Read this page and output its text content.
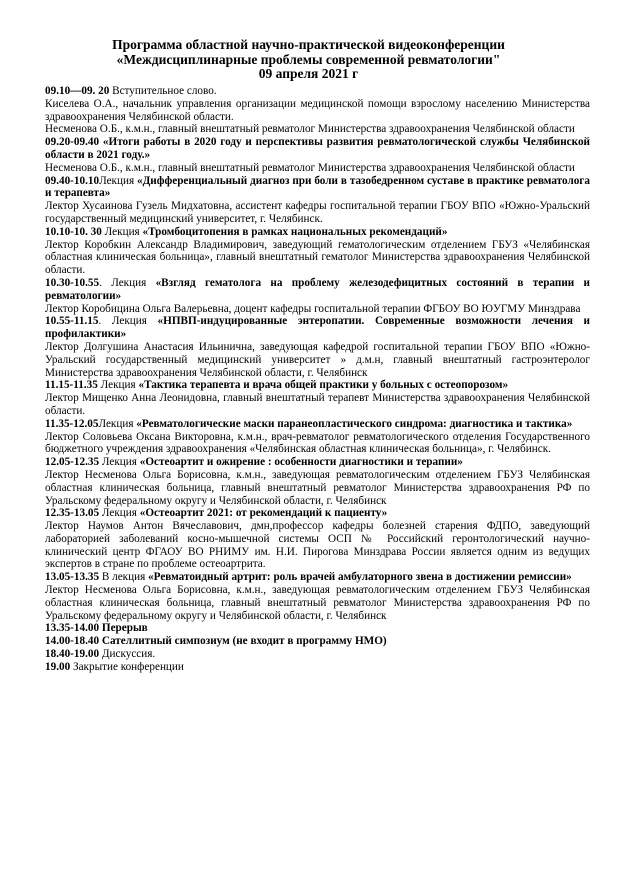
Программа областной научно-практической видеоконференции
«Междисциплинарные проблемы современной ревматологии"
09 апреля 2021 г

09.10—09. 20 Вступительное слово.

Киселева О.А., начальник управления организации медицинской помощи взрослому населению Министерства здравоохранения Челябинской области.

Несменова О.Б., к.м.н., главный внештатный ревматолог Министерства здравоохранения Челябинской области

09.20-09.40 «Итоги работы в 2020 году и перспективы развития ревматологической службы Челябинской области в 2021 году.»

Несменова О.Б., к.м.н., главный внештатный ревматолог Министерства здравоохранения Челябинской области

09.40-10.10Лекция «Дифференциальный диагноз при боли в тазобедренном суставе в практике ревматолога и терапевта»

Лектор Хусаинова Гузель Мидхатовна, ассистент кафедры госпитальной терапии ГБОУ ВПО «Южно-Уральский государственный медицинский университет, г. Челябинск.

10.10-10. 30 Лекция «Тромбоцитопения в рамках национальных рекомендаций»

Лектор Коробкин Александр Владимирович, заведующий гематологическим отделением ГБУЗ «Челябинская областная клиническая больница», главный внештатный гематолог Министерства здравоохранения Челябинской области.

10.30-10.55. Лекция «Взгляд гематолога на проблему железодефицитных состояний в терапии и ревматологии»

Лектор Коробицина Ольга Валерьевна, доцент кафедры госпитальной терапии ФГБОУ ВО ЮУГМУ Минздрава

10.55-11.15. Лекция «НПВП-индуцированные энтеропатии. Современные возможности лечения и профилактики»

Лектор Долгушина Анастасия Ильинична, заведующая кафедрой госпитальной терапии ГБОУ ВПО «Южно-Уральский государственный медицинский университет » д.м.н, главный внештатный гастроэнтеролог Министерства здравоохранения Челябинской области, г. Челябинск

11.15-11.35 Лекция «Тактика терапевта и врача общей практики у больных с остеопорозом»

Лектор Мищенко Анна Леонидовна, главный внештатный терапевт Министерства здравоохранения Челябинской области.

11.35-12.05Лекция «Ревматологические маски паранеопластического синдрома: диагностика и тактика»

Лектор Соловьева Оксана Викторовна, к.м.н., врач-ревматолог ревматологического отделения Государственного бюджетного учреждения здравоохранения «Челябинская областная клиническая больница», г. Челябинск.

12.05-12.35 Лекция «Остеоартит и ожирение : особенности диагностики и терапии»

Лектор Несменова Ольга Борисовна, к.м.н., заведующая ревматологическим отделением ГБУЗ Челябинская областная клиническая больница, главный внештатный ревматолог Министерства здравоохранения РФ по Уральскому федеральному округу и Челябинской области, г. Челябинск

12.35-13.05 Лекция «Остеоартит 2021: от рекомендаций к пациенту»

Лектор Наумов Антон Вячеславович, дмн,профессор кафедры болезней старения ФДПО, заведующий лабораторией заболеваний косно-мышечной системы ОСП № Российский геронтологический научно-клинический центр ФГАОУ ВО РНИМУ им. Н.И. Пирогова Минздрава России является одним из ведущих экспертов в стране по проблеме остеоартрита.

13.05-13.35 В лекция «Ревматоидный артрит: роль врачей амбулаторного звена в достижении ремиссии»

Лектор Несменова Ольга Борисовна, к.м.н., заведующая ревматологическим отделением ГБУЗ Челябинская областная клиническая больница, главный внештатный ревматолог Министерства здравоохранения РФ по Уральскому федеральному округу и Челябинской области, г. Челябинск

13.35-14.00 Перерыв

14.00-18.40 Сателлитный симпозиум (не входит в программу НМО)

18.40-19.00 Дискуссия.

19.00 Закрытие конференции
